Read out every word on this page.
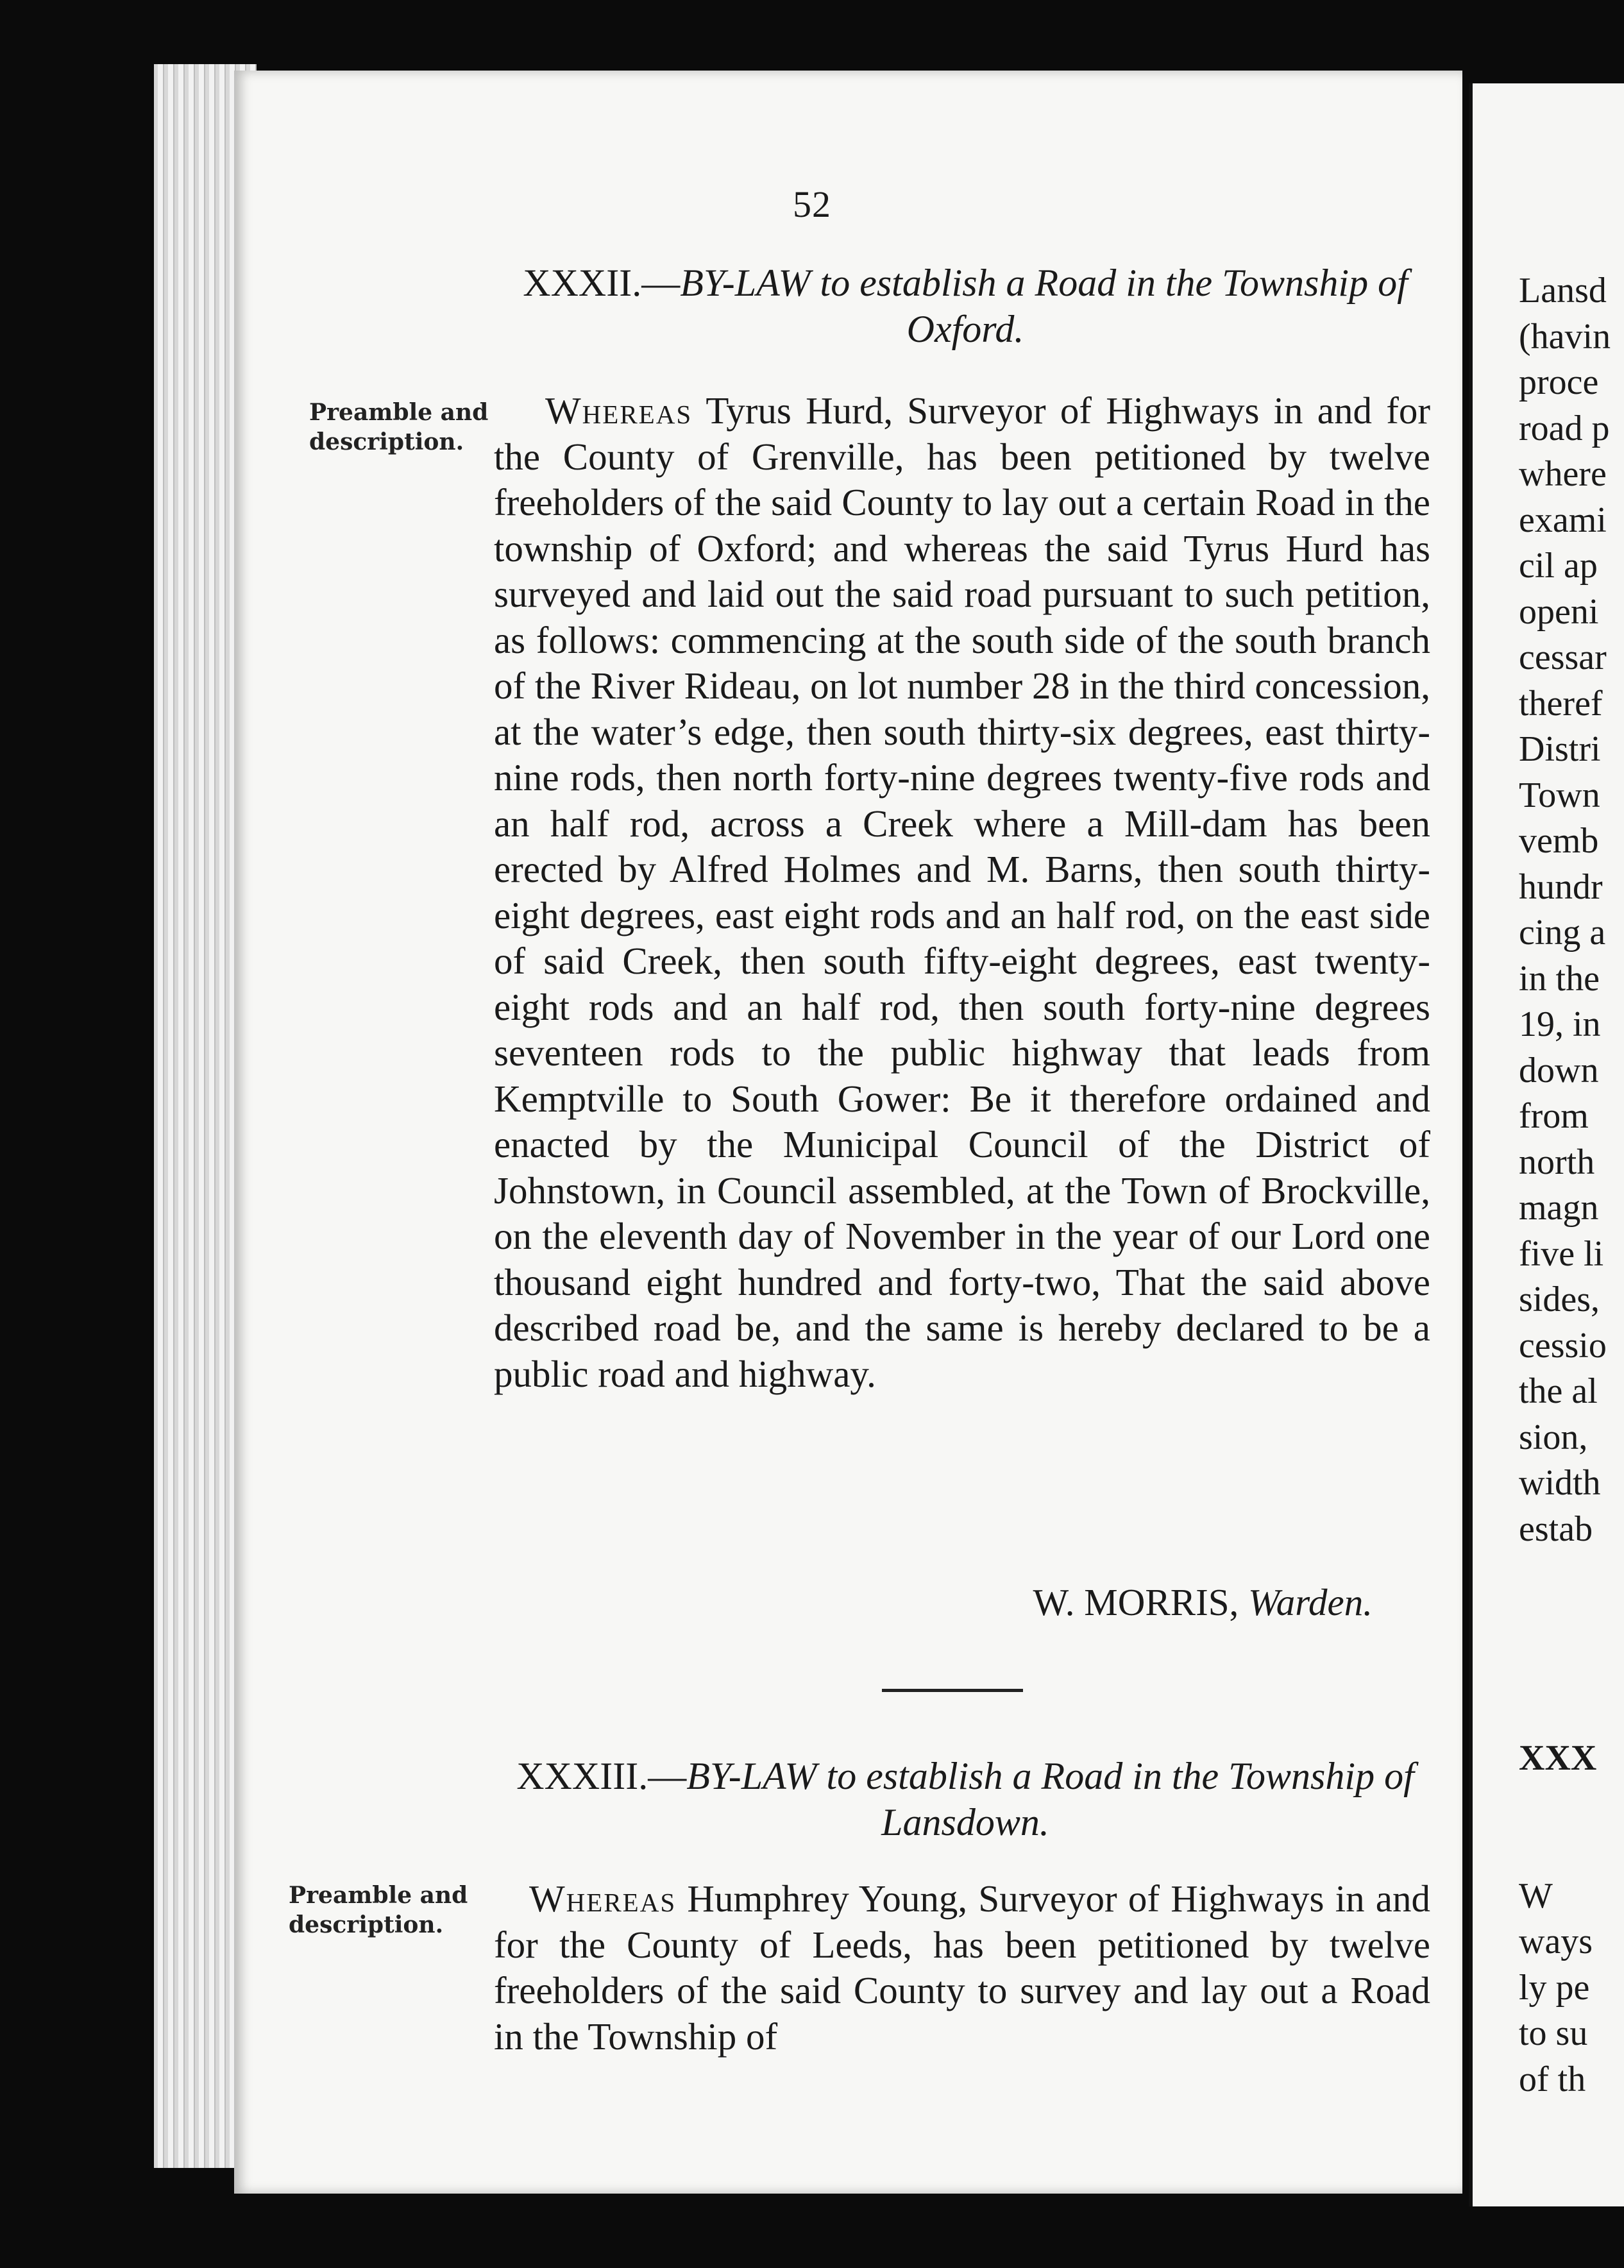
52
XXXII.—BY-LAW to establish a Road in the Township of Oxford.
Preamble and description.
Whereas Tyrus Hurd, Surveyor of Highways in and for the County of Grenville, has been petitioned by twelve freeholders of the said County to lay out a certain Road in the township of Oxford; and whereas the said Tyrus Hurd has surveyed and laid out the said road pursuant to such petition, as follows: commencing at the south side of the south branch of the River Rideau, on lot number 28 in the third concession, at the water’s edge, then south thirty-six degrees, east thirty-nine rods, then north forty-nine degrees twenty-five rods and an half rod, across a Creek where a Mill-dam has been erected by Alfred Holmes and M. Barns, then south thirty-eight degrees, east eight rods and an half rod, on the east side of said Creek, then south fifty-eight degrees, east twenty-eight rods and an half rod, then south forty-nine degrees seventeen rods to the public highway that leads from Kemptville to South Gower: Be it therefore ordained and enacted by the Municipal Council of the District of Johnstown, in Council assembled, at the Town of Brockville, on the eleventh day of November in the year of our Lord one thousand eight hundred and forty-two, That the said above described road be, and the same is hereby declared to be a public road and highway.
W. MORRIS, Warden.
XXXIII.—BY-LAW to establish a Road in the Township of Lansdown.
Preamble and description.
Whereas Humphrey Young, Surveyor of Highways in and for the County of Leeds, has been petitioned by twelve freeholders of the said County to survey and lay out a Road in the Township of
Lansd
(havin
proce
road p
where
exami
cil ap
openi
cessar
theref
Distri
Town
vemb
hundr
cing a
in the
19, in
down
from
north
magn
five li
sides,
cessio
the al
sion,
width
estab
XXX
W
ways
ly pe
to su
of th
